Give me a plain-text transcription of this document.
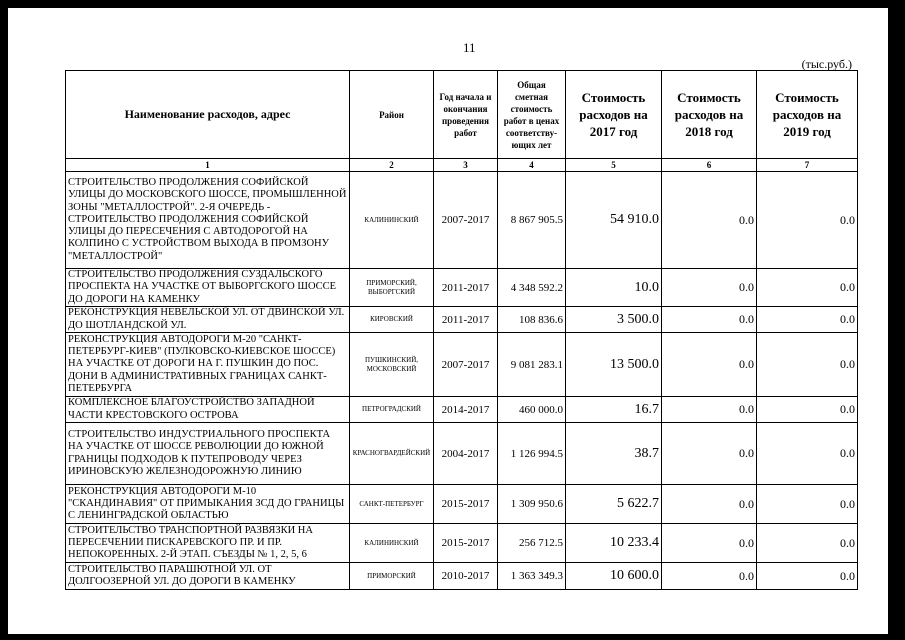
11
(тыс.руб.)
Наименование расходов, адрес	Район	Год начала и окончания проведения работ	Общая сметная стоимость работ в ценах соответству-ющих лет	Стоимость расходов на 2017 год	Стоимость расходов на 2018 год	Стоимость расходов на 2019 год
1	2	3	4	5	6	7
СТРОИТЕЛЬСТВО ПРОДОЛЖЕНИЯ СОФИЙСКОЙ УЛИЦЫ ДО МОСКОВСКОГО ШОССЕ, ПРОМЫШЛЕННОЙ ЗОНЫ "МЕТАЛЛОСТРОЙ". 2-Я ОЧЕРЕДЬ - СТРОИТЕЛЬСТВО ПРОДОЛЖЕНИЯ СОФИЙСКОЙ УЛИЦЫ ДО ПЕРЕСЕЧЕНИЯ С АВТОДОРОГОЙ НА КОЛПИНО С УСТРОЙСТВОМ ВЫХОДА В ПРОМЗОНУ "МЕТАЛЛОСТРОЙ"	КАЛИНИНСКИЙ	2007-2017	8 867 905.5	54 910.0	0.0	0.0
СТРОИТЕЛЬСТВО ПРОДОЛЖЕНИЯ СУЗДАЛЬСКОГО ПРОСПЕКТА НА УЧАСТКЕ ОТ ВЫБОРГСКОГО ШОССЕ ДО ДОРОГИ НА КАМЕНКУ	ПРИМОРСКИЙ, ВЫБОРГСКИЙ	2011-2017	4 348 592.2	10.0	0.0	0.0
РЕКОНСТРУКЦИЯ НЕВЕЛЬСКОЙ УЛ. ОТ ДВИНСКОЙ УЛ. ДО ШОТЛАНДСКОЙ УЛ.	КИРОВСКИЙ	2011-2017	108 836.6	3 500.0	0.0	0.0
РЕКОНСТРУКЦИЯ АВТОДОРОГИ М-20 "САНКТ-ПЕТЕРБУРГ-КИЕВ" (ПУЛКОВСКО-КИЕВСКОЕ ШОССЕ) НА УЧАСТКЕ ОТ ДОРОГИ НА Г. ПУШКИН ДО ПОС. ДОНИ В АДМИНИСТРАТИВНЫХ ГРАНИЦАХ САНКТ-ПЕТЕРБУРГА	ПУШКИНСКИЙ, МОСКОВСКИЙ	2007-2017	9 081 283.1	13 500.0	0.0	0.0
КОМПЛЕКСНОЕ БЛАГОУСТРОЙСТВО ЗАПАДНОЙ ЧАСТИ КРЕСТОВСКОГО ОСТРОВА	ПЕТРОГРАДСКИЙ	2014-2017	460 000.0	16.7	0.0	0.0
СТРОИТЕЛЬСТВО ИНДУСТРИАЛЬНОГО ПРОСПЕКТА НА УЧАСТКЕ ОТ ШОССЕ РЕВОЛЮЦИИ ДО ЮЖНОЙ ГРАНИЦЫ ПОДХОДОВ К ПУТЕПРОВОДУ ЧЕРЕЗ ИРИНОВСКУЮ ЖЕЛЕЗНОДОРОЖНУЮ ЛИНИЮ	КРАСНОГВАРДЕЙСКИЙ	2004-2017	1 126 994.5	38.7	0.0	0.0
РЕКОНСТРУКЦИЯ АВТОДОРОГИ М-10 "СКАНДИНАВИЯ" ОТ ПРИМЫКАНИЯ ЗСД ДО ГРАНИЦЫ С ЛЕНИНГРАДСКОЙ ОБЛАСТЬЮ	САНКТ-ПЕТЕРБУРГ	2015-2017	1 309 950.6	5 622.7	0.0	0.0
СТРОИТЕЛЬСТВО ТРАНСПОРТНОЙ РАЗВЯЗКИ НА ПЕРЕСЕЧЕНИИ ПИСКАРЕВСКОГО ПР. И ПР. НЕПОКОРЕННЫХ. 2-Й ЭТАП. СЪЕЗДЫ № 1, 2, 5, 6	КАЛИНИНСКИЙ	2015-2017	256 712.5	10 233.4	0.0	0.0
СТРОИТЕЛЬСТВО ПАРАШЮТНОЙ УЛ. ОТ ДОЛГООЗЕРНОЙ УЛ. ДО ДОРОГИ В КАМЕНКУ	ПРИМОРСКИЙ	2010-2017	1 363 349.3	10 600.0	0.0	0.0
